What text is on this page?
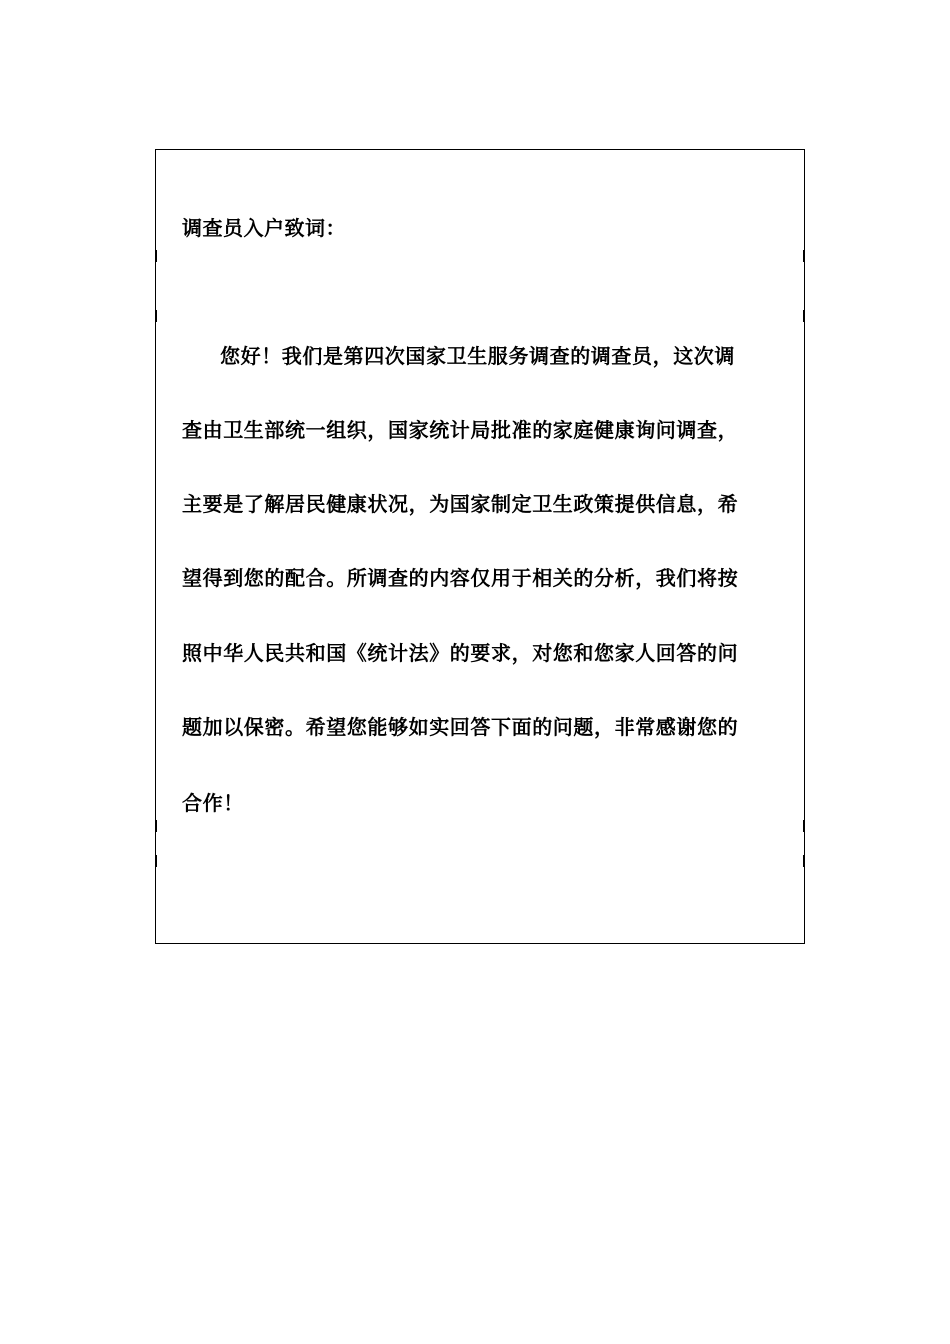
调查员入户致词：
您好！我们是第四次国家卫生服务调查的调查员，这次调
查由卫生部统一组织，国家统计局批准的家庭健康询问调查，
主要是了解居民健康状况，为国家制定卫生政策提供信息，希
望得到您的配合。所调查的内容仅用于相关的分析，我们将按
照中华人民共和国《统计法》的要求，对您和您家人回答的问
题加以保密。希望您能够如实回答下面的问题，非常感谢您的
合作！
